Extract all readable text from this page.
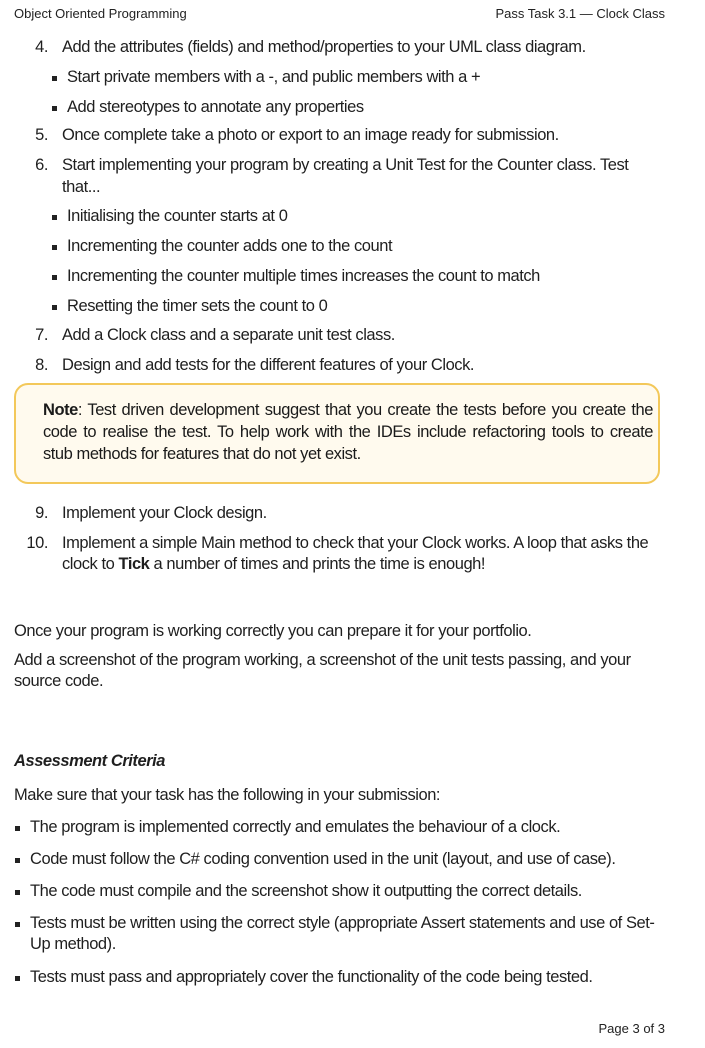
Object Oriented Programming	Pass Task 3.1 — Clock Class
4. Add the attributes (fields) and method/properties to your UML class diagram.
Start private members with a -, and public members with a +
Add stereotypes to annotate any properties
5. Once complete take a photo or export to an image ready for submission.
6. Start implementing your program by creating a Unit Test for the Counter class. Test
that...
Initialising the counter starts at 0
Incrementing the counter adds one to the count
Incrementing the counter multiple times increases the count to match
Resetting the timer sets the count to 0
7. Add a Clock class and a separate unit test class.
8. Design and add tests for the different features of your Clock.
Note: Test driven development suggest that you create the tests before you create the code to realise the test. To help work with the IDEs include refactoring tools to create stub methods for features that do not yet exist.
9. Implement your Clock design.
10. Implement a simple Main method to check that your Clock works. A loop that asks the
clock to Tick a number of times and prints the time is enough!
Once your program is working correctly you can prepare it for your portfolio.
Add a screenshot of the program working, a screenshot of the unit tests passing, and your
source code.
Assessment Criteria
Make sure that your task has the following in your submission:
The program is implemented correctly and emulates the behaviour of a clock.
Code must follow the C# coding convention used in the unit (layout, and use of case).
The code must compile and the screenshot show it outputting the correct details.
Tests must be written using the correct style (appropriate Assert statements and use of Set-
Up method).
Tests must pass and appropriately cover the functionality of the code being tested.
Page 3 of 3
